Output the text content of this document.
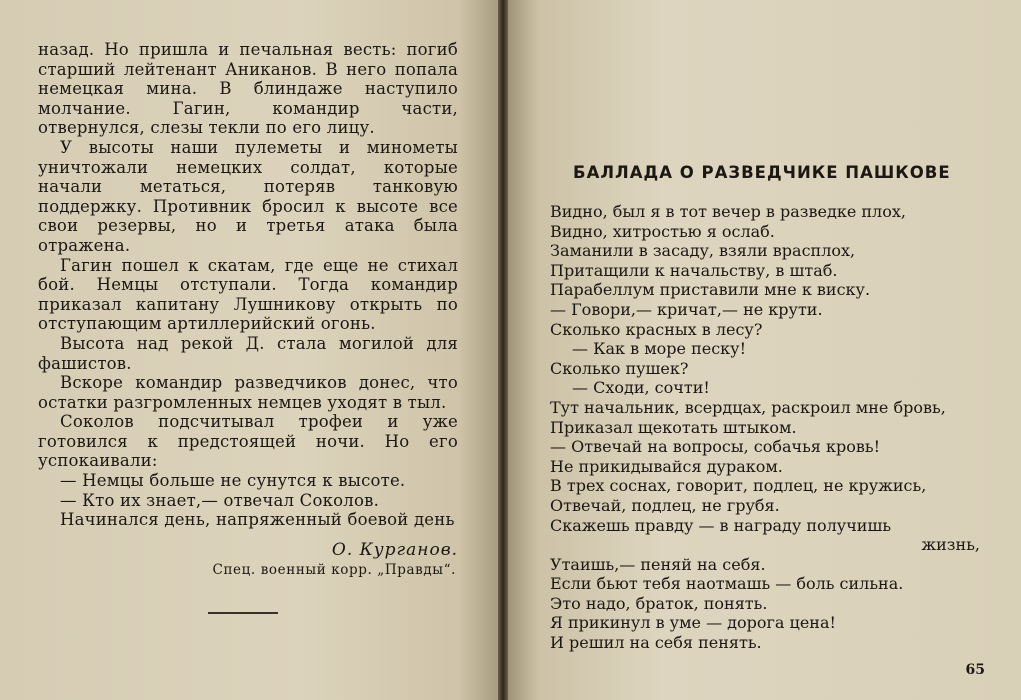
назад. Но пришла и печальная весть: погиб старший лейтенант Аниканов. В него попала немецкая мина. В блиндаже наступило молчание. Гагин, командир части, отвернулся, слезы текли по его лицу.

У высоты наши пулеметы и минометы уничтожали немецких солдат, которые начали метаться, потеряв танковую поддержку. Противник бросил к высоте все свои резервы, но и третья атака была отражена.

Гагин пошел к скатам, где еще не стихал бой. Немцы отступали. Тогда командир приказал капитану Лушникову открыть по отступающим артиллерийский огонь.

Высота над рекой Д. стала могилой для фашистов.

Вскоре командир разведчиков донес, что остатки разгромленных немцев уходят в тыл.

Соколов подсчитывал трофеи и уже готовился к предстоящей ночи. Но его успокаивали:

— Немцы больше не сунутся к высоте.

— Кто их знает,— отвечал Соколов.

Начинался день, напряженный боевой день

О. Курганов.
Спец. военный корр. „Правды“.
БАЛЛАДА О РАЗВЕДЧИКЕ ПАШКОВЕ
Видно, был я в тот вечер в разведке плох,
Видно, хитростью я ослаб.
Заманили в засаду, взяли врасплох,
Притащили к начальству, в штаб.
Парабеллум приставили мне к виску.
— Говори,— кричат,— не крути.
Сколько красных в лесу?
— Как в море песку!
Сколько пушек?
— Сходи, сочти!
Тут начальник, всердцах, раскроил мне бровь,
Приказал щекотать штыком.
— Отвечай на вопросы, собачья кровь!
Не прикидывайся дураком.
В трех соснах, говорит, подлец, не кружись,
Отвечай, подлец, не грубя.
Скажешь правду — в награду получишь
жизнь,
Утаишь,— пеняй на себя.
Если бьют тебя наотмашь — боль сильна.
Это надо, браток, понять.
Я прикинул в уме — дорога цена!
И решил на себя пенять.
65
